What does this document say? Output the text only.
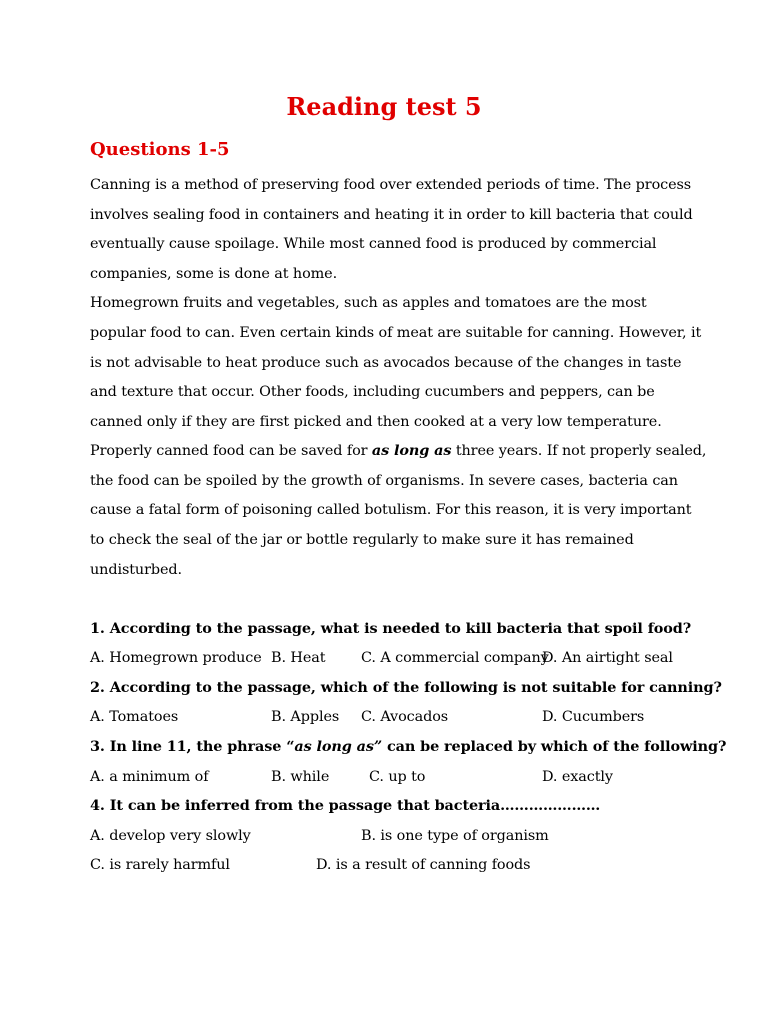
Reading test 5
Questions 1-5
Canning is a method of preserving food over extended periods of time. The process
involves sealing food in containers and heating it in order to kill bacteria that could
eventually cause spoilage. While most canned food is produced by commercial
companies, some is done at home.
Homegrown fruits and vegetables, such as apples and tomatoes are the most
popular food to can. Even certain kinds of meat are suitable for canning. However, it
is not advisable to heat produce such as avocados because of the changes in taste
and texture that occur. Other foods, including cucumbers and peppers, can be
canned only if they are first picked and then cooked at a very low temperature.
Properly canned food can be saved for as long as three years. If not properly sealed,
the food can be spoiled by the growth of organisms. In severe cases, bacteria can
cause a fatal form of poisoning called botulism. For this reason, it is very important
to check the seal of the jar or bottle regularly to make sure it has remained
undisturbed.
1. According to the passage, what is needed to kill bacteria that spoil food?
A. Homegrown produce B. Heat C. A commercial company
D. An airtight seal
2. According to the passage, which of the following is not suitable for canning?
A. Tomatoes	B. Apples C. Avocados	D. Cucumbers
3. In line 11, the phrase “as long as” can be replaced by which of the following?
A. a minimum of	B. while	C. up to	D. exactly
4. It can be inferred from the passage that bacteria…………………
A. develop very slowly	B. is one type of organism
C. is rarely harmful	D. is a result of canning foods
